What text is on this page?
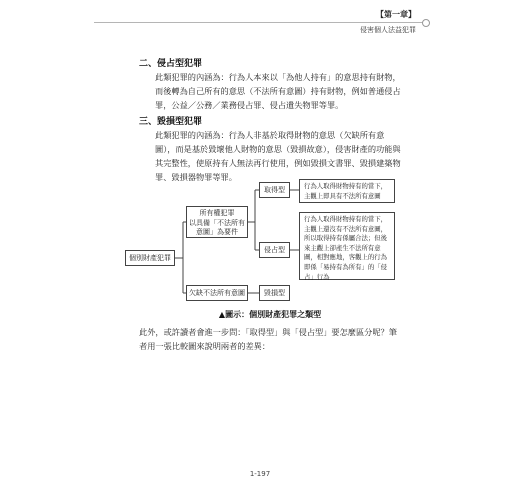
【第一章】
侵害個人法益犯罪
二、侵占型犯罪
此類犯罪的內涵為：行為人本來以「為他人持有」的意思持有財物，而後轉為自己所有的意思（不法所有意圖）持有財物，例如普通侵占罪，公益／公務／業務侵占罪、侵占遺失物罪等罪。
三、毀損型犯罪
此類犯罪的內涵為：行為人非基於取得財物的意思（欠缺所有意圖），而是基於毀壞他人財物的意思（毀損故意），侵害財產的功能與其完整性，使原持有人無法再行使用，例如毀損文書罪、毀損建築物罪、毀損器物罪等罪。
個別財產犯罪
所有權犯罪
以具備「不法所有意圖」為要件
欠缺不法所有意圖
取得型
侵占型
毀損型
行為人取得財物持有的當下，主觀上即具有不法所有意圖
行為人取得財物持有的當下，主觀上還沒有不法所有意圖，所以取得持有係屬合法；但後來主觀上卻產生不法所有意圖，相對應地，客觀上的行為即係「易持有為所有」的「侵占」行為
▲圖示：個別財產犯罪之類型
此外，或許讀者會進一步問：「取得型」與「侵占型」要怎麼區分呢？筆者用一張比較圖來說明兩者的差異：
1-197
